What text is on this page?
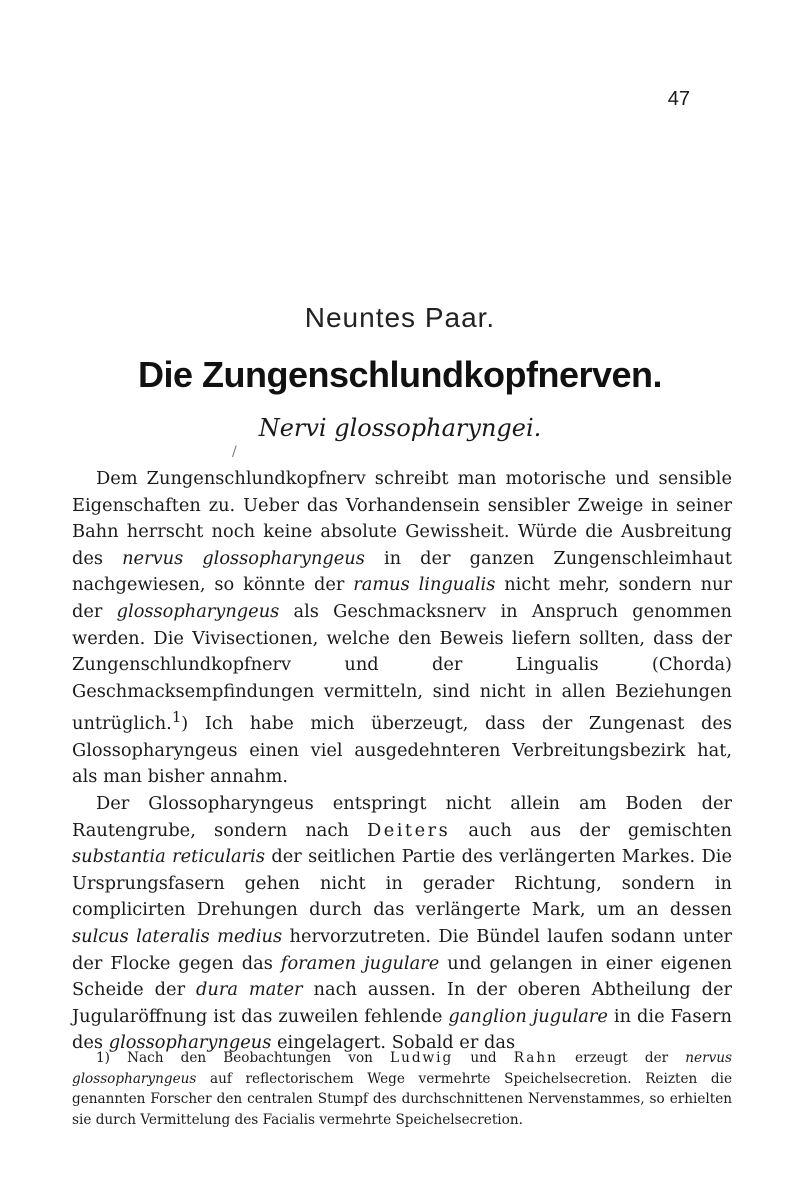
47
Neuntes Paar.
Die Zungenschlundkopfnerven.
Nervi glossopharyngei.
/

Dem Zungenschlundkopfnerv schreibt man motorische und sensible Eigenschaften zu. Ueber das Vorhandensein sensibler Zweige in seiner Bahn herrscht noch keine absolute Gewissheit. Würde die Ausbreitung des nervus glossopharyngeus in der ganzen Zungenschleimhaut nachgewiesen, so könnte der ramus lingualis nicht mehr, sondern nur der glossopharyngeus als Geschmacksnerv in Anspruch genommen werden. Die Vivisectionen, welche den Beweis liefern sollten, dass der Zungenschlundkopfnerv und der Lingualis (Chorda) Geschmacksempfindungen vermitteln, sind nicht in allen Beziehungen untrüglich.$^1$) Ich habe mich überzeugt, dass der Zungenast des Glossopharyngeus einen viel ausgedehnteren Verbreitungsbezirk hat, als man bisher annahm.

Der Glossopharyngeus entspringt nicht allein am Boden der Rautengrube, sondern nach Deiters auch aus der gemischten substantia reticularis der seitlichen Partie des verlängerten Markes. Die Ursprungsfasern gehen nicht in gerader Richtung, sondern in complicirten Drehungen durch das verlängerte Mark, um an dessen sulcus lateralis medius hervorzutreten. Die Bündel laufen sodann unter der Flocke gegen das foramen jugulare und gelangen in einer eigenen Scheide der dura mater nach aussen. In der oberen Abtheilung der Jugularöffnung ist das zuweilen fehlende ganglion jugulare in die Fasern des glossopharyngeus eingelagert. Sobald er das

1) Nach den Beobachtungen von Ludwig und Rahn erzeugt der nervus glossopharyngeus auf reflectorischem Wege vermehrte Speichelsecretion. Reizten die genannten Forscher den centralen Stumpf des durchschnittenen Nervenstammes, so erhielten sie durch Vermittelung des Facialis vermehrte Speichelsecretion.
